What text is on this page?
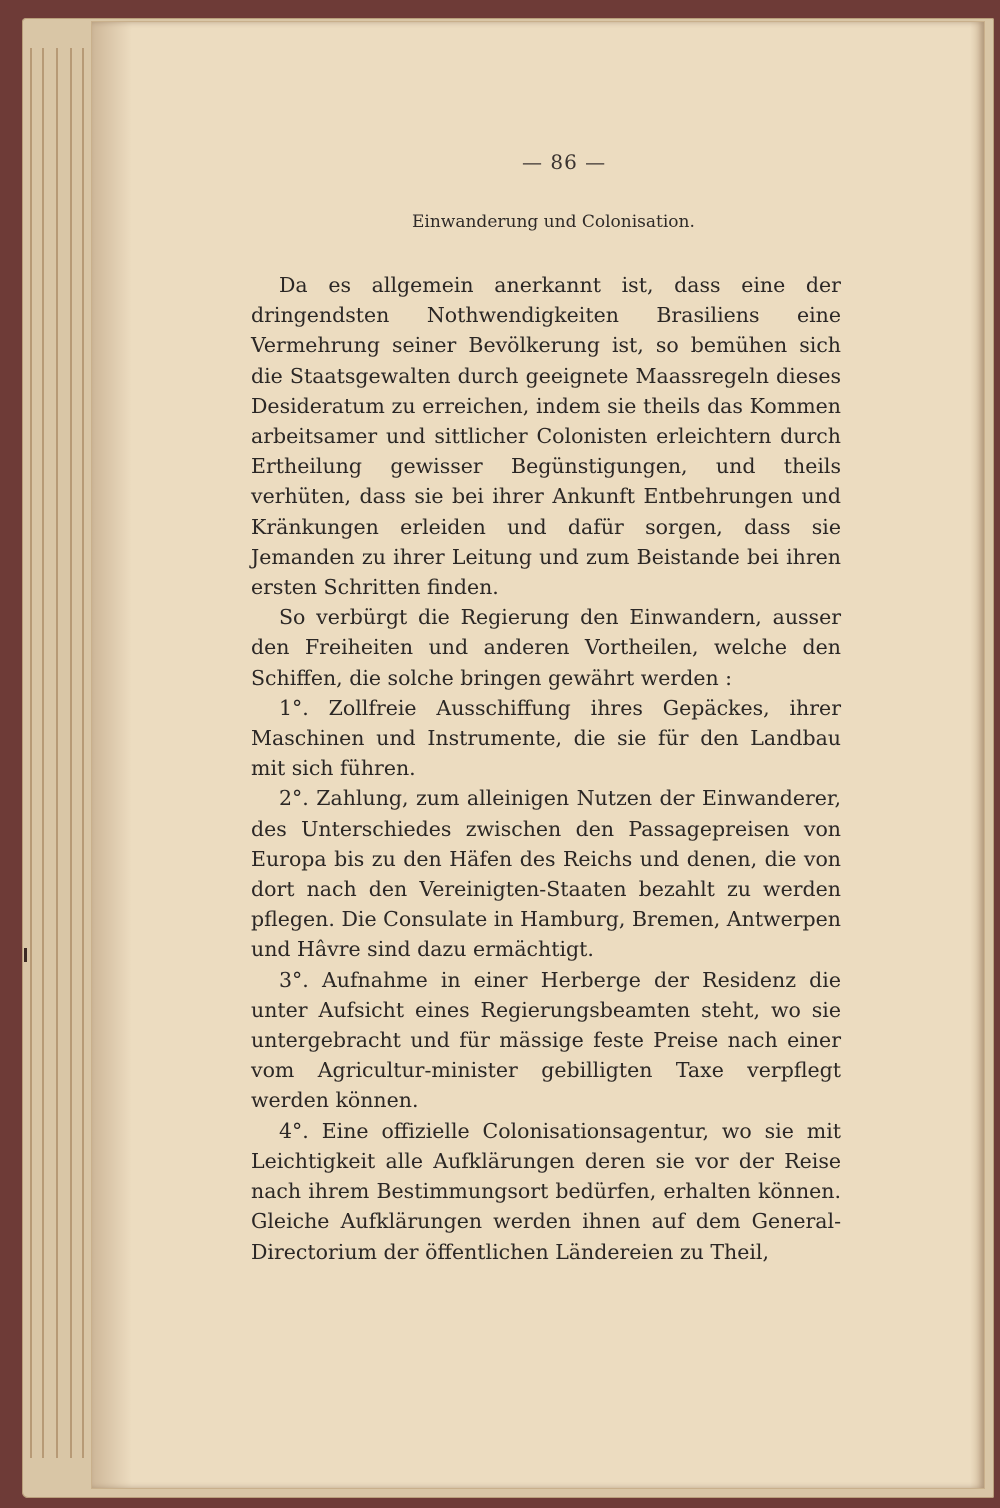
— 86 —
Einwanderung und Colonisation.

Da es allgemein anerkannt ist, dass eine der dringendsten Nothwendigkeiten Brasiliens eine Vermehrung seiner Bevölkerung ist, so bemühen sich die Staatsgewalten durch geeignete Maassregeln dieses Desideratum zu erreichen, indem sie theils das Kommen arbeitsamer und sittlicher Colonisten erleichtern durch Ertheilung gewisser Begünstigungen, und theils verhüten, dass sie bei ihrer Ankunft Entbehrungen und Kränkungen erleiden und dafür sorgen, dass sie Jemanden zu ihrer Leitung und zum Beistande bei ihren ersten Schritten finden.

So verbürgt die Regierung den Einwandern, ausser den Freiheiten und anderen Vortheilen, welche den Schiffen, die solche bringen gewährt werden :

1°. Zollfreie Ausschiffung ihres Gepäckes, ihrer Maschinen und Instrumente, die sie für den Landbau mit sich führen.

2°. Zahlung, zum alleinigen Nutzen der Einwanderer, des Unterschiedes zwischen den Passagepreisen von Europa bis zu den Häfen des Reichs und denen, die von dort nach den Vereinigten-Staaten bezahlt zu werden pflegen. Die Consulate in Hamburg, Bremen, Antwerpen und Hâvre sind dazu ermächtigt.

3°. Aufnahme in einer Herberge der Residenz die unter Aufsicht eines Regierungsbeamten steht, wo sie untergebracht und für mässige feste Preise nach einer vom Agricultur-minister gebilligten Taxe verpflegt werden können.

4°. Eine offizielle Colonisationsagentur, wo sie mit Leichtigkeit alle Aufklärungen deren sie vor der Reise nach ihrem Bestimmungsort bedürfen, erhalten können. Gleiche Aufklärungen werden ihnen auf dem General-Directorium der öffentlichen Ländereien zu Theil,
